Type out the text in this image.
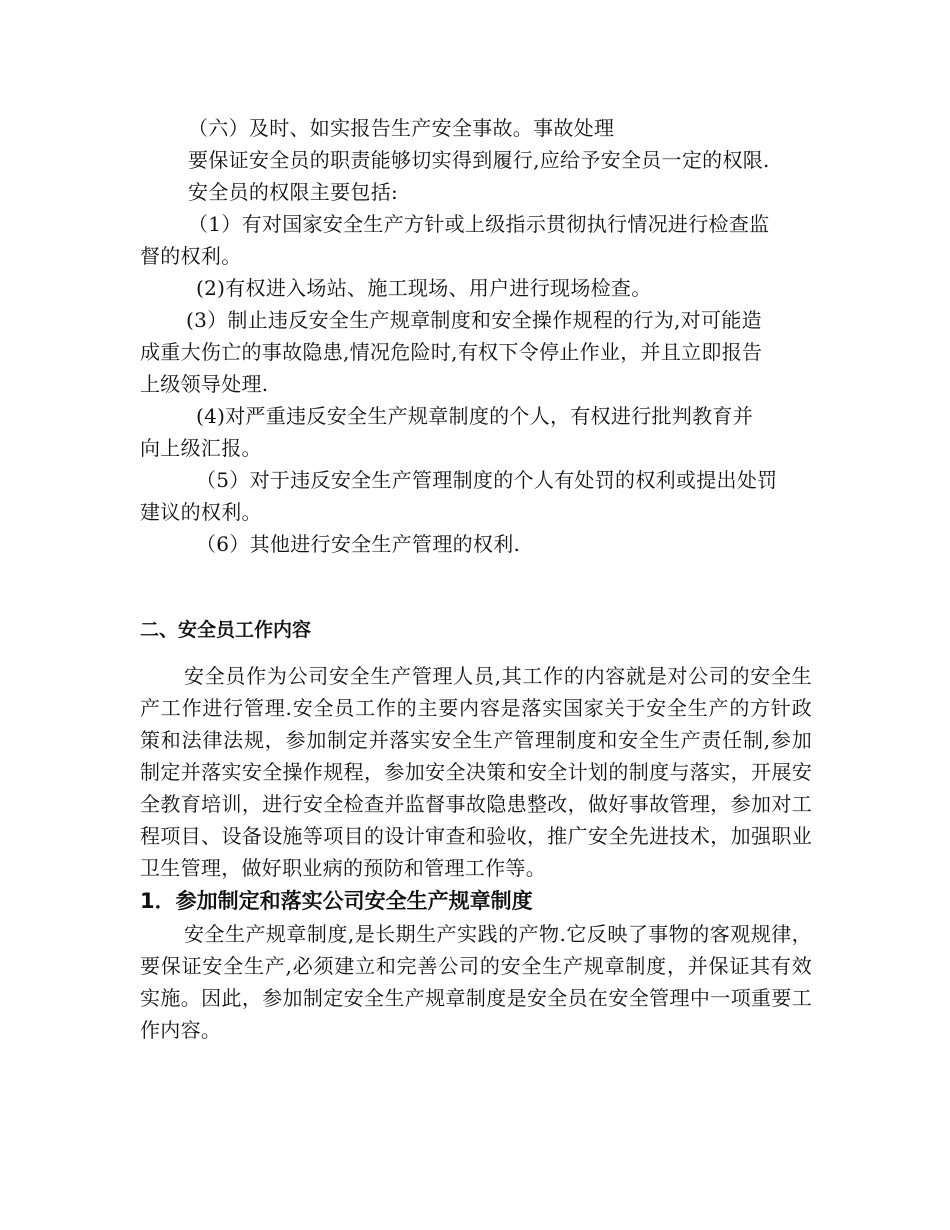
（六）及时、如实报告生产安全事故。事故处理
要保证安全员的职责能够切实得到履行,应给予安全员一定的权限.
安全员的权限主要包括:
（1）有对国家安全生产方针或上级指示贯彻执行情况进行检查监
督的权利。
(2)有权进入场站、施工现场、用户进行现场检查。
(3）制止违反安全生产规章制度和安全操作规程的行为,对可能造
成重大伤亡的事故隐患,情况危险时,有权下令停止作业，并且立即报告
上级领导处理.
(4)对严重违反安全生产规章制度的个人，有权进行批判教育并
向上级汇报。
（5）对于违反安全生产管理制度的个人有处罚的权利或提出处罚
建议的权利。
（6）其他进行安全生产管理的权利.
二、安全员工作内容
安全员作为公司安全生产管理人员,其工作的内容就是对公司的安全生产工作进行管理.安全员工作的主要内容是落实国家关于安全生产的方针政策和法律法规，参加制定并落实安全生产管理制度和安全生产责任制,参加制定并落实安全操作规程，参加安全决策和安全计划的制度与落实，开展安全教育培训，进行安全检查并监督事故隐患整改，做好事故管理，参加对工程项目、设备设施等项目的设计审查和验收，推广安全先进技术，加强职业卫生管理，做好职业病的预防和管理工作等。
1．参加制定和落实公司安全生产规章制度
安全生产规章制度,是长期生产实践的产物.它反映了事物的客观规律，要保证安全生产,必须建立和完善公司的安全生产规章制度，并保证其有效实施。因此，参加制定安全生产规章制度是安全员在安全管理中一项重要工作内容。
